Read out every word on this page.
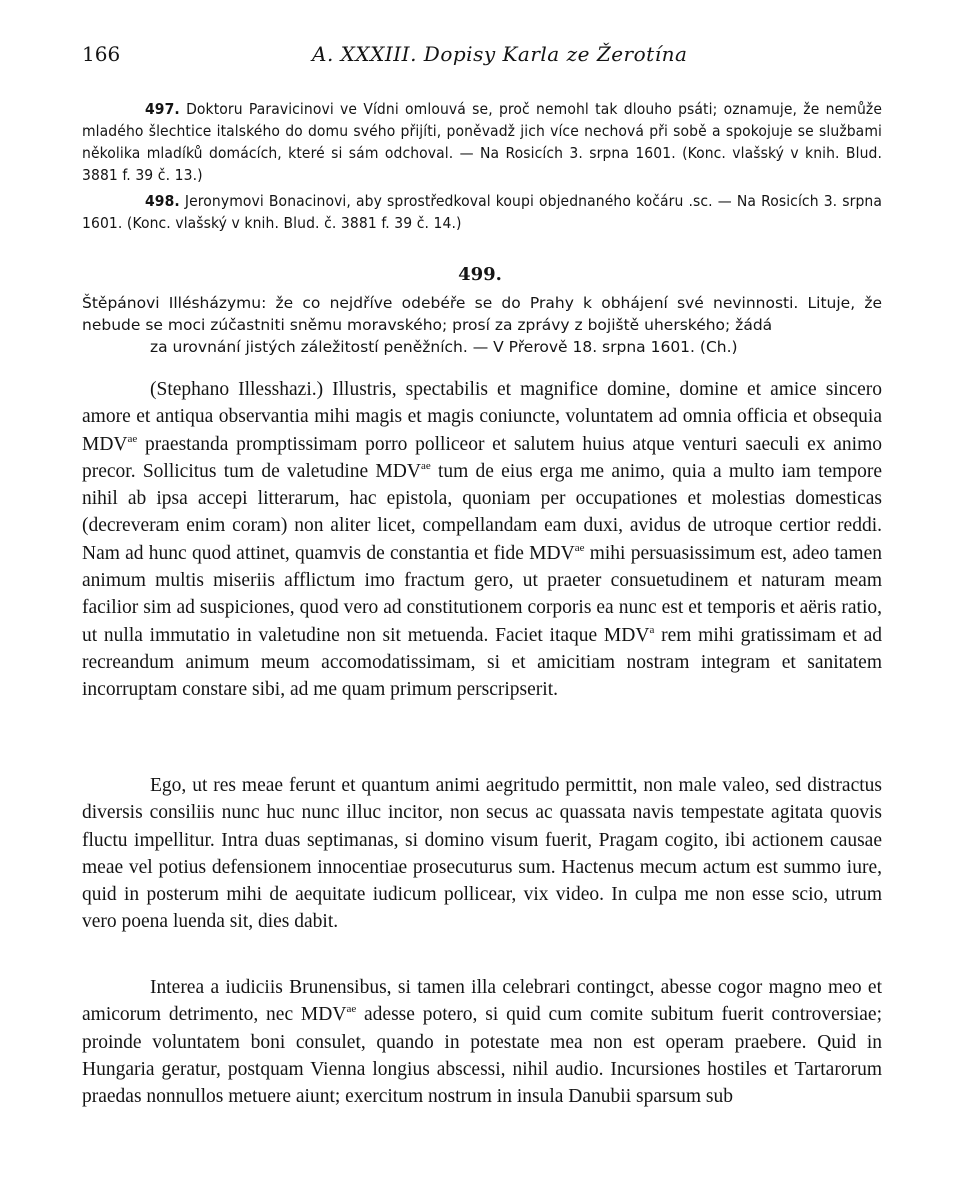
166	A. XXXIII. Dopisy Karla ze Žerotína
497. Doktoru Paravicinovi ve Vídni omlouvá se, proč nemohl tak dlouho psáti; oznamuje, že nemůže mladého šlechtice italského do domu svého přijíti, poněvadž jich více nechová při sobě a spokojuje se službami několika mladíků domácích, které si sám odchoval. — Na Rosicích 3. srpna 1601. (Konc. vlašský v knih. Blud. 3881 f. 39 č. 13.)
498. Jeronymovi Bonacinovi, aby sprostředkoval koupi objednaného kočáru .sc. — Na Rosicích 3. srpna 1601. (Konc. vlašský v knih. Blud. č. 3881 f. 39 č. 14.)
499.
Štěpánovi Illésházymu: že co nejdříve odebéře se do Prahy k obhájení své nevinnosti. Lituje, že nebude se moci zúčastniti sněmu moravského; prosí za zprávy z bojiště uherského; žádá
za urovnání jistých záležitostí peněžních. — V Přerově 18. srpna 1601. (Ch.)

(Stephano Illesshazi.) Illustris, spectabilis et magnifice domine, domine et amice sincero amore et antiqua observantia mihi magis et magis coniuncte, voluntatem ad omnia officia et obsequia $MDV^{ae}$ praestanda promptissimam porro polliceor et salutem huius atque venturi saeculi ex animo precor. Sollicitus tum de valetudine $MDV^{ae}$ tum de eius erga me animo, quia a multo iam tempore nihil ab ipsa accepi litterarum, hac epistola, quoniam per occupationes et molestias domesticas (decreveram enim coram) non aliter licet, compellandam eam duxi, avidus de utroque certior reddi. Nam ad hunc quod attinet, quamvis de constantia et fide $MDV^{ae}$ mihi persuasissimum est, adeo tamen animum multis miseriis afflictum imo fractum gero, ut praeter consuetudinem et naturam meam facilior sim ad suspiciones, quod vero ad constitutionem corporis ea nunc est et temporis et aëris ratio, ut nulla immutatio in valetudine non sit metuenda. Faciet itaque MDV$^a$ rem mihi gratissimam et ad recreandum animum meum accomodatissimam, si et amicitiam nostram integram et sanitatem incorruptam constare sibi, ad me quam primum perscripserit.

Ego, ut res meae ferunt et quantum animi aegritudo permittit, non male valeo, sed distractus diversis consiliis nunc huc nunc illuc incitor, non secus ac quassata navis tempestate agitata quovis fluctu impellitur. Intra duas septimanas, si domino visum fuerit, Pragam cogito, ibi actionem causae meae vel potius defensionem innocentiae prosecuturus sum. Hactenus mecum actum est summo iure, quid in posterum mihi de aequitate iudicum pollicear, vix video. In culpa me non esse scio, utrum vero poena luenda sit, dies dabit.

Interea a iudiciis Brunensibus, si tamen illa celebrari contingct, abesse cogor magno meo et amicorum detrimento, nec $MDV^{ae}$ adesse potero, si quid cum comite subitum fuerit controversiae; proinde voluntatem boni consulet, quando in potestate mea non est operam praebere. Quid in Hungaria geratur, postquam Vienna longius abscessi, nihil audio. Incursiones hostiles et Tartarorum praedas nonnullos metuere aiunt; exercitum nostrum in insula Danubii sparsum sub
